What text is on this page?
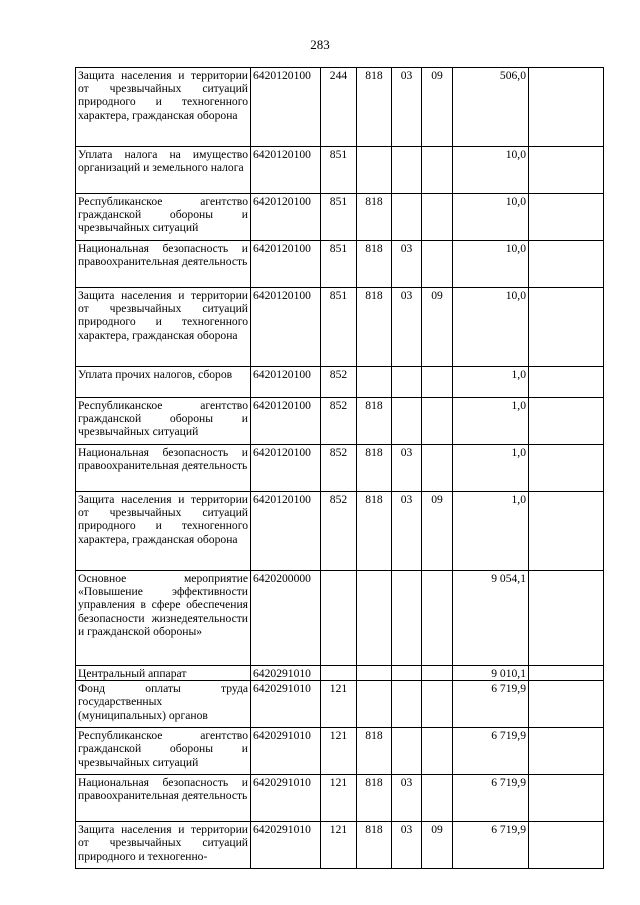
283
Защита населения и территории от чрезвычайных ситуаций природного и техногенного характера, гражданская оборона	6420120100	244	818	03	09	506,0	
Уплата налога на имущество организаций и земельного налога	6420120100	851				10,0	
Республиканское агентство гражданской обороны и чрезвычайных ситуаций	6420120100	851	818			10,0	
Национальная безопасность и правоохранительная деятельность	6420120100	851	818	03		10,0	
Защита населения и территории от чрезвычайных ситуаций природного и техногенного характера, гражданская оборона	6420120100	851	818	03	09	10,0	
Уплата прочих налогов, сборов	6420120100	852				1,0	
Республиканское агентство гражданской обороны и чрезвычайных ситуаций	6420120100	852	818			1,0	
Национальная безопасность и правоохранительная деятельность	6420120100	852	818	03		1,0	
Защита населения и территории от чрезвычайных ситуаций природного и техногенного характера, гражданская оборона	6420120100	852	818	03	09	1,0	
Основное мероприятие «Повышение эффективности управления в сфере обеспечения безопасности жизнедеятельности и гражданской обороны»	6420200000					9 054,1	
Центральный аппарат	6420291010					9 010,1	
Фонд оплаты труда государственных (муниципальных) органов	6420291010	121				6 719,9	
Республиканское агентство гражданской обороны и чрезвычайных ситуаций	6420291010	121	818			6 719,9	
Национальная безопасность и правоохранительная деятельность	6420291010	121	818	03		6 719,9	
Защита населения и территории от чрезвычайных ситуаций природного и техногенно-	6420291010	121	818	03	09	6 719,9	
